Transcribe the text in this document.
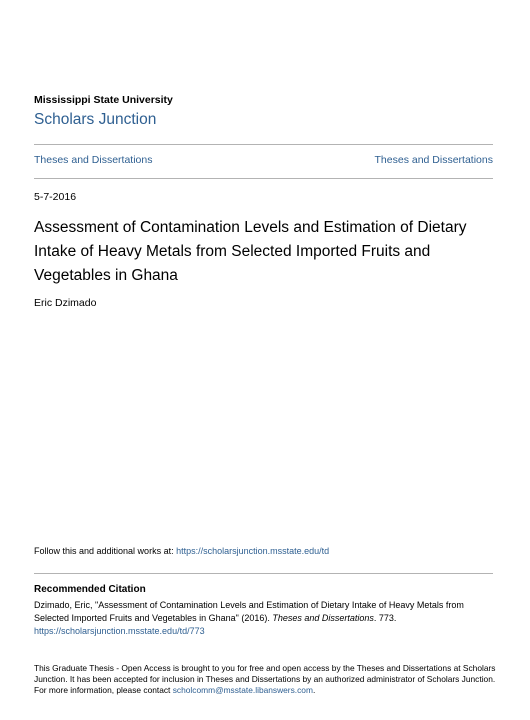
Mississippi State University
Scholars Junction
Theses and Dissertations	Theses and Dissertations
5-7-2016
Assessment of Contamination Levels and Estimation of Dietary Intake of Heavy Metals from Selected Imported Fruits and Vegetables in Ghana
Eric Dzimado
Follow this and additional works at: https://scholarsjunction.msstate.edu/td
Recommended Citation
Dzimado, Eric, "Assessment of Contamination Levels and Estimation of Dietary Intake of Heavy Metals from Selected Imported Fruits and Vegetables in Ghana" (2016). Theses and Dissertations. 773.
https://scholarsjunction.msstate.edu/td/773
This Graduate Thesis - Open Access is brought to you for free and open access by the Theses and Dissertations at Scholars Junction. It has been accepted for inclusion in Theses and Dissertations by an authorized administrator of Scholars Junction. For more information, please contact scholcomm@msstate.libanswers.com.
